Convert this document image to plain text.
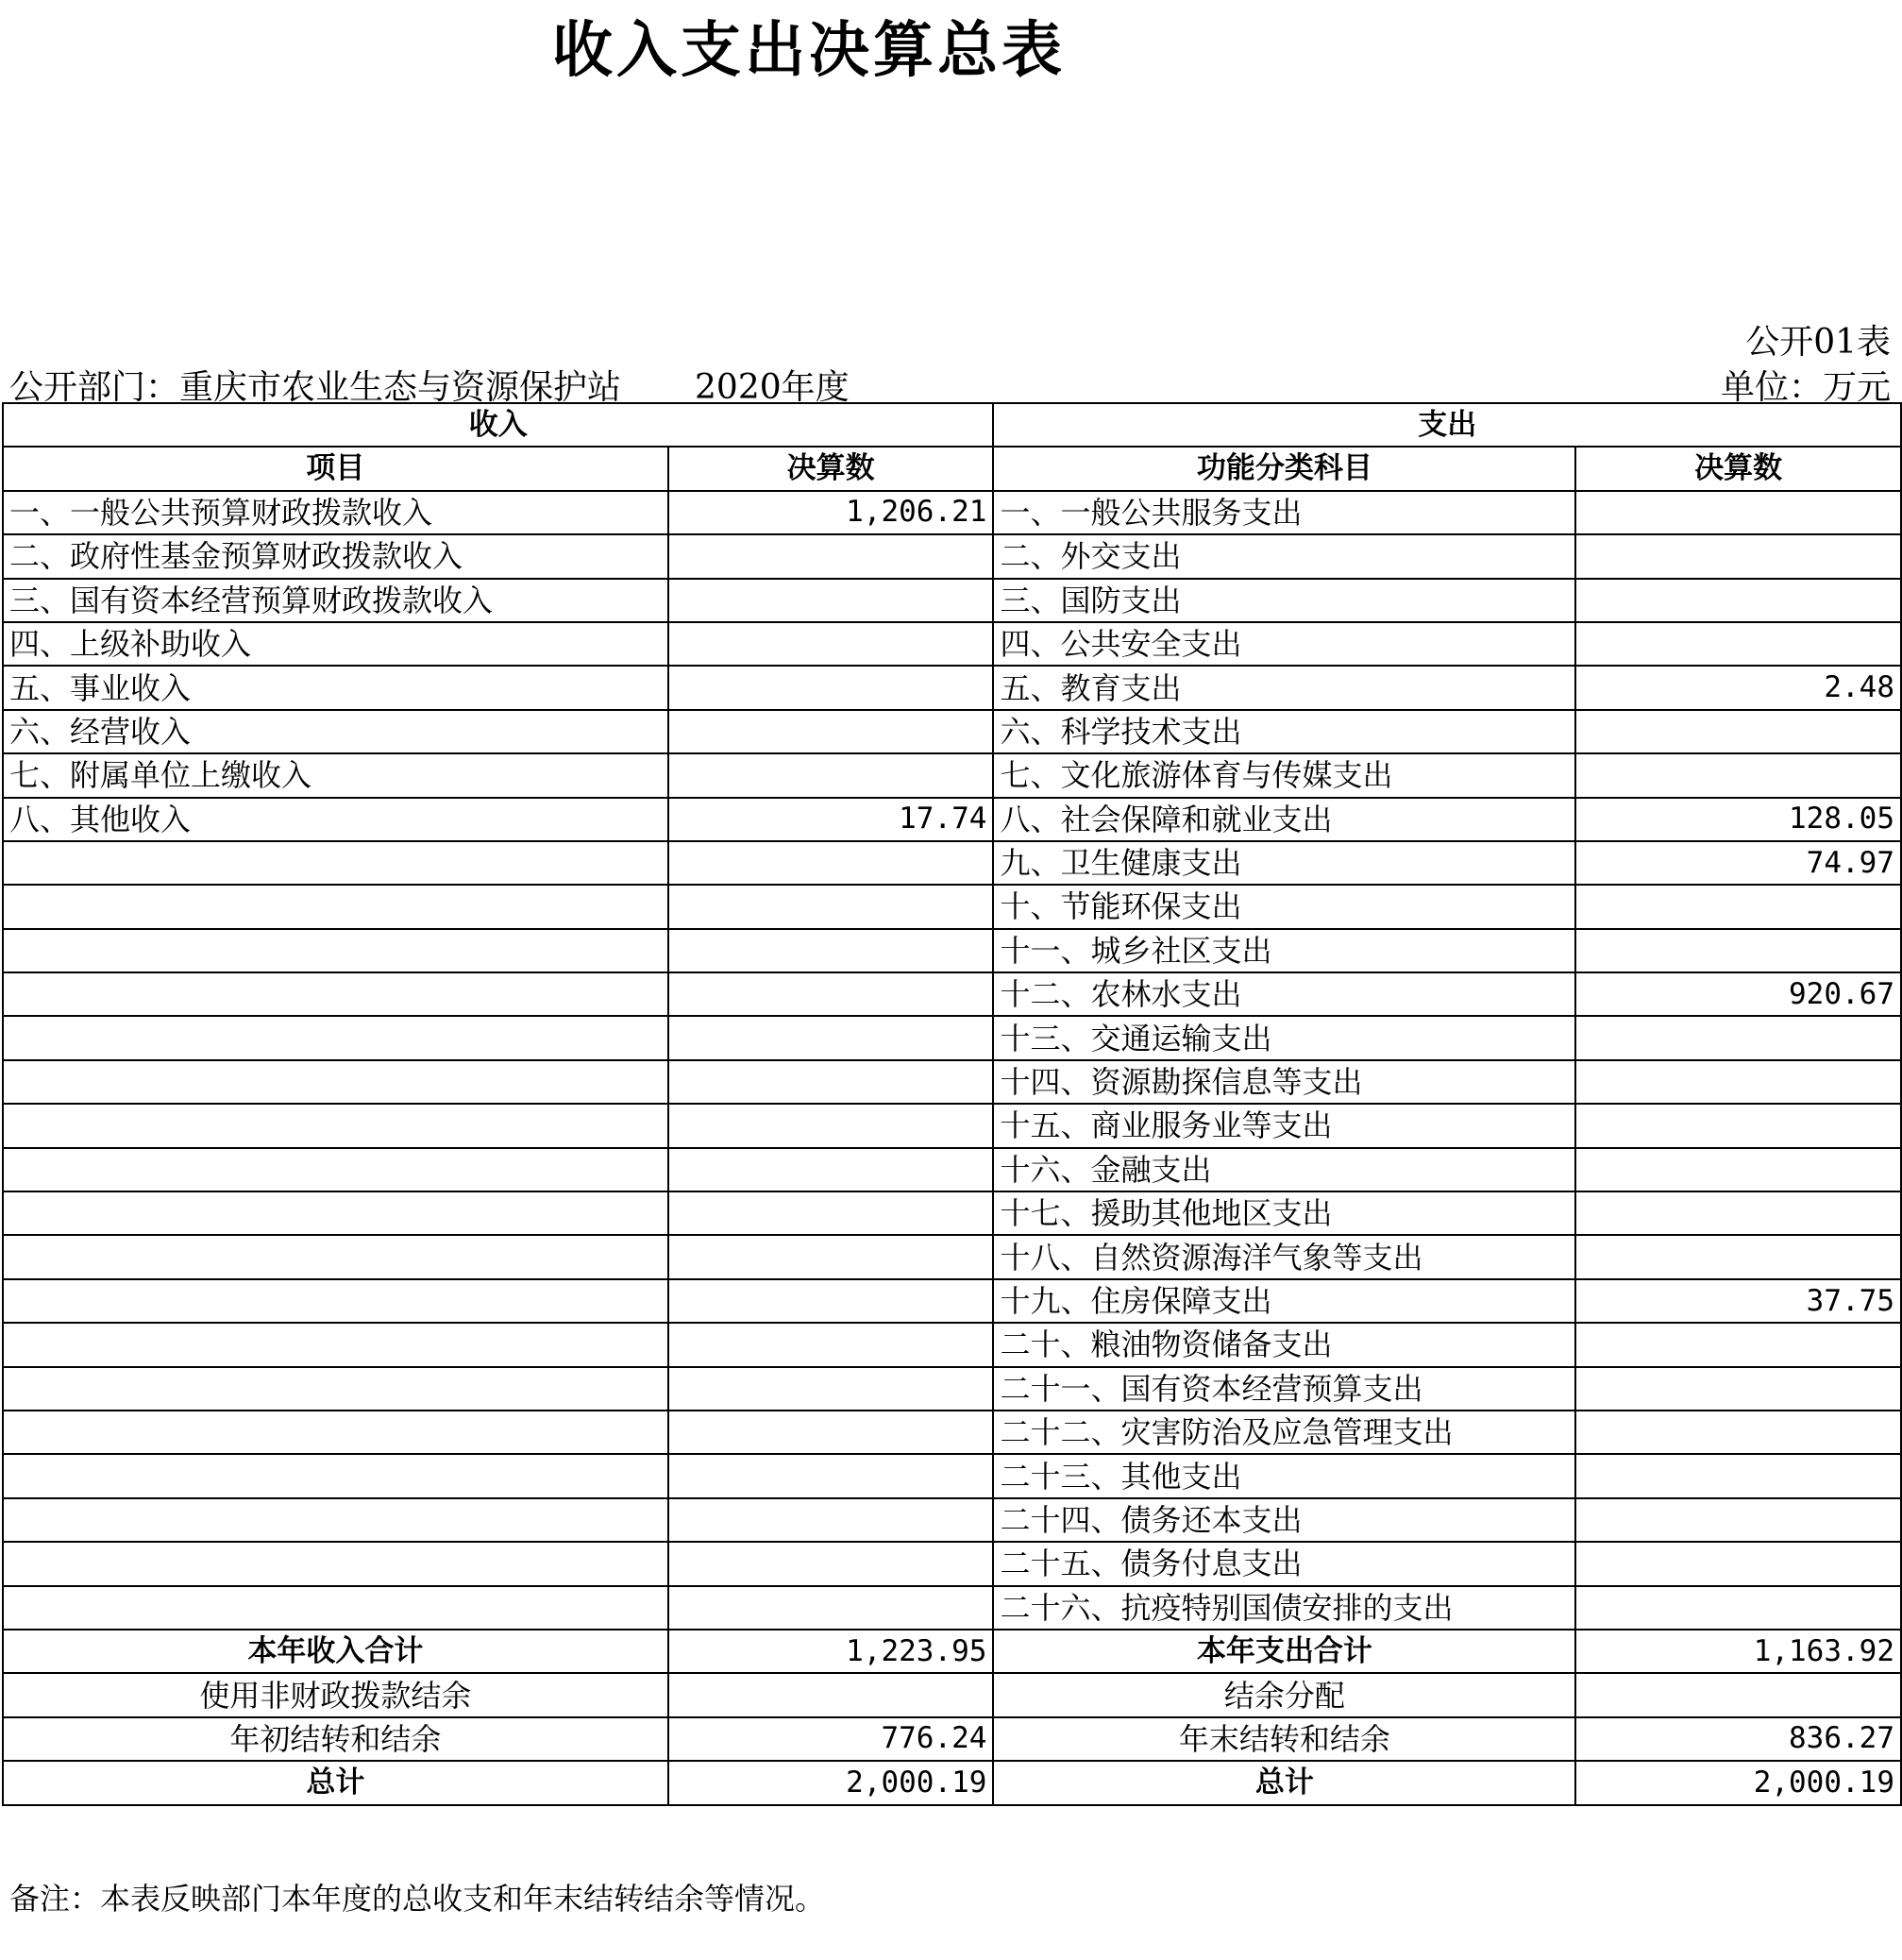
收入支出决算总表
公开01表
公开部门：重庆市农业生态与资源保护站 2020年度	单位：万元
收入		支出	
项目	决算数	功能分类科目	决算数
一、一般公共预算财政拨款收入	1,206.21	一、一般公共服务支出	
二、政府性基金预算财政拨款收入		二、外交支出	
三、国有资本经营预算财政拨款收入		三、国防支出	
四、上级补助收入		四、公共安全支出	
五、事业收入		五、教育支出	2.48
六、经营收入		六、科学技术支出	
七、附属单位上缴收入		七、文化旅游体育与传媒支出	
八、其他收入	17.74	八、社会保障和就业支出	128.05
		九、卫生健康支出	74.97
		十、节能环保支出	
		十一、城乡社区支出	
		十二、农林水支出	920.67
		十三、交通运输支出	
		十四、资源勘探信息等支出	
		十五、商业服务业等支出	
		十六、金融支出	
		十七、援助其他地区支出	
		十八、自然资源海洋气象等支出	
		十九、住房保障支出	37.75
		二十、粮油物资储备支出	
		二十一、国有资本经营预算支出	
		二十二、灾害防治及应急管理支出	
		二十三、其他支出	
		二十四、债务还本支出	
		二十五、债务付息支出	
		二十六、抗疫特别国债安排的支出	
本年收入合计	1,223.95	本年支出合计	1,163.92
使用非财政拨款结余		结余分配	
年初结转和结余	776.24	年末结转和结余	836.27
总计	2,000.19	总计	2,000.19
备注：本表反映部门本年度的总收支和年末结转结余等情况。
